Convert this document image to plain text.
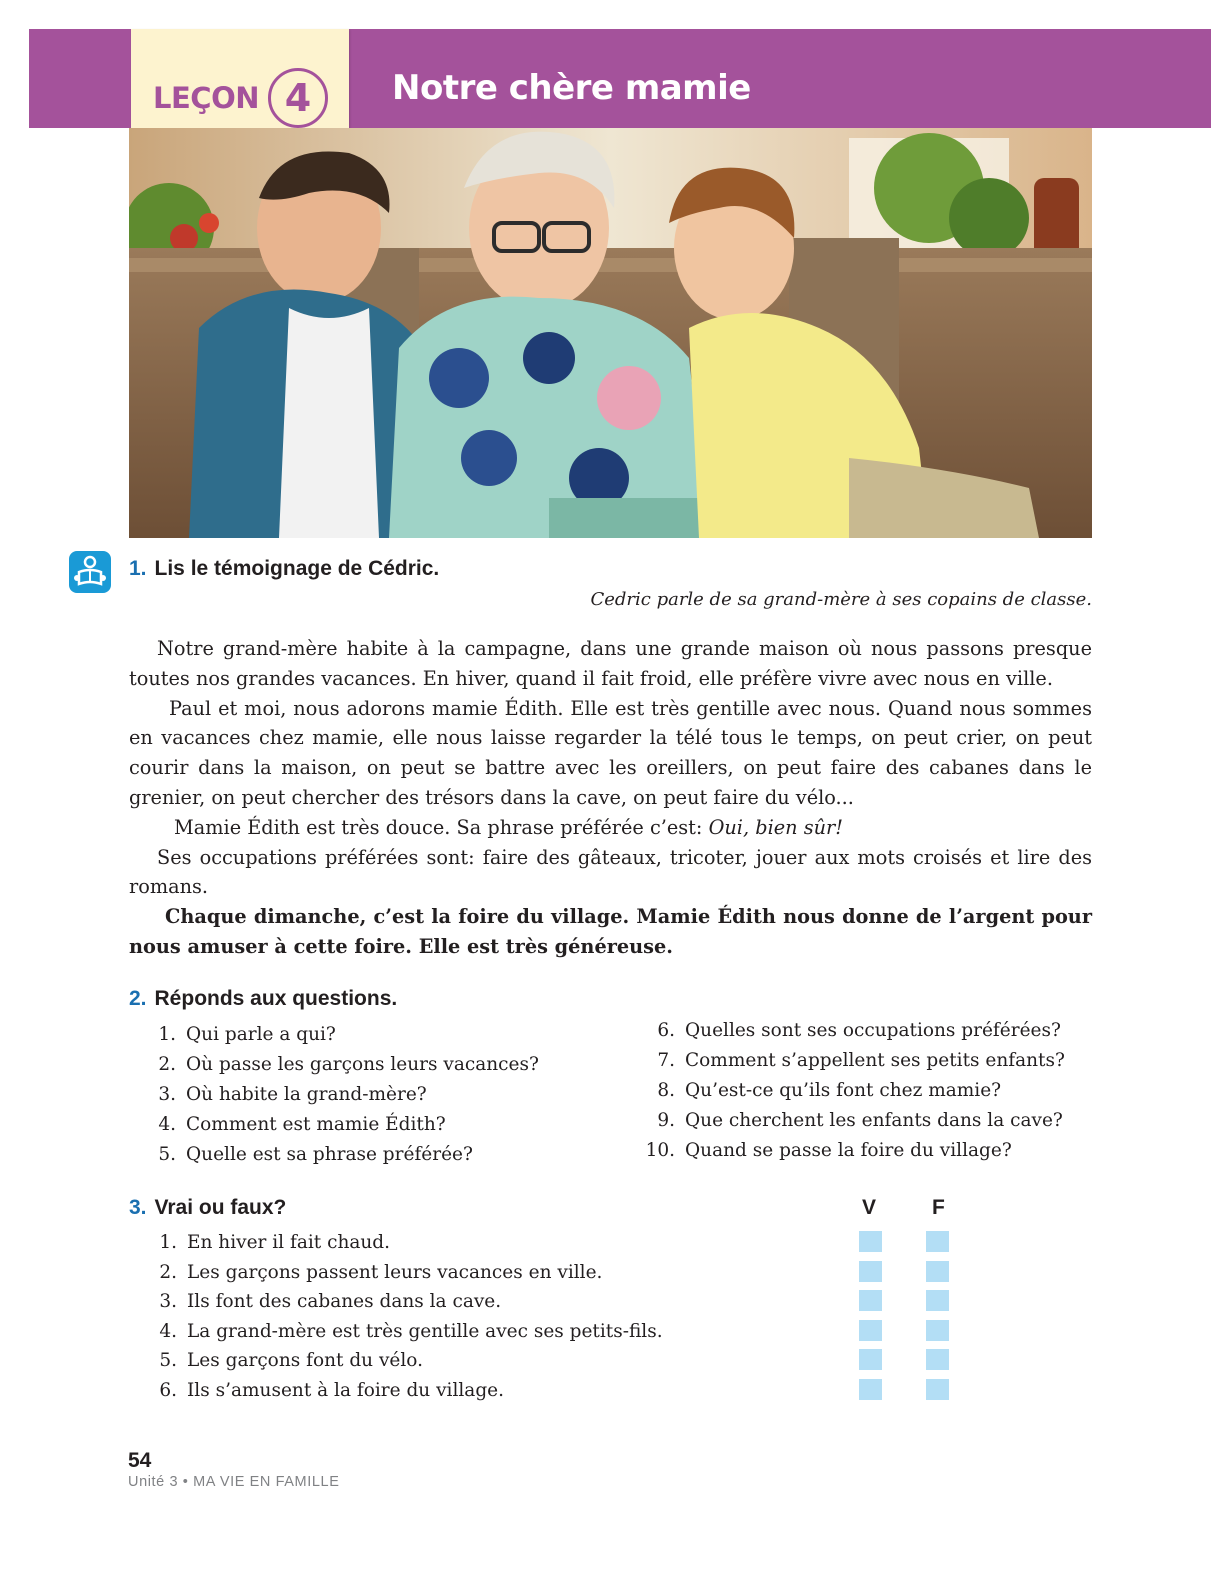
LEÇON 4	Notre chère mamie
1. Lis le témoignage de Cédric.
Cedric parle de sa grand-mère à ses copains de classe.

Notre grand-mère habite à la campagne, dans une grande maison où nous passons presque toutes nos grandes vacances. En hiver, quand il fait froid, elle préfère vivre avec nous en ville.

Paul et moi, nous adorons mamie Édith. Elle est très gentille avec nous. Quand nous sommes en vacances chez mamie, elle nous laisse regarder la télé tous le temps, on peut crier, on peut courir dans la maison, on peut se battre avec les oreillers, on peut faire des cabanes dans le grenier, on peut chercher des trésors dans la cave, on peut faire du vélo...

Mamie Édith est très douce. Sa phrase préférée c’est: Oui, bien sûr!

Ses occupations préférées sont: faire des gâteaux, tricoter, jouer aux mots croisés et lire des romans.

Chaque dimanche, c’est la foire du village. Mamie Édith nous donne de l’argent pour nous amuser à cette foire. Elle est très généreuse.

2. Réponds aux questions.
1. Qui parle a qui?
2. Où passe les garçons leurs vacances?
3. Où habite la grand-mère?
4. Comment est mamie Édith?
5. Quelle est sa phrase préférée?
6. Quelles sont ses occupations préférées?
7. Comment s’appellent ses petits enfants?
8. Qu’est-ce qu’ils font chez mamie?
9. Que cherchent les enfants dans la cave?
10. Quand se passe la foire du village?
3. Vrai ou faux?	V	F
1. En hiver il fait chaud.
2. Les garçons passent leurs vacances en ville.
3. Ils font des cabanes dans la cave.
4. La grand-mère est très gentille avec ses petits-fils.
5. Les garçons font du vélo.
6. Ils s’amusent à la foire du village.
54
Unité 3 • MA VIE EN FAMILLE
